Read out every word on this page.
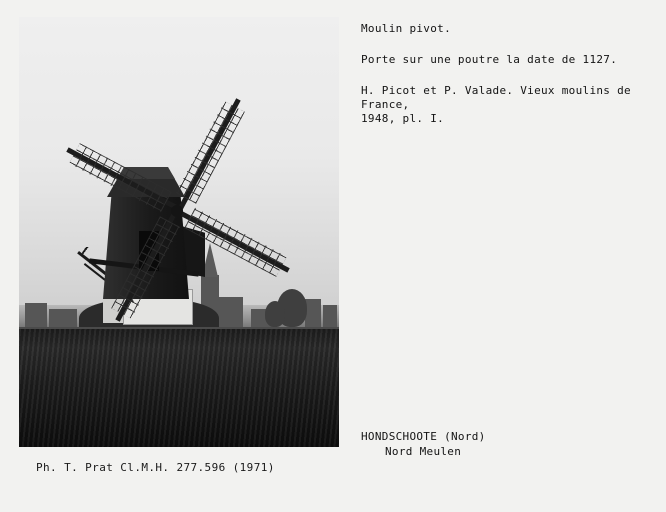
Ph. T. Prat Cl.M.H. 277.596 (1971)
Moulin pivot.
Porte sur une poutre la date de 1127.
H. Picot et P. Valade. Vieux moulins de France,
1948, pl. I.
HONDSCHOOTE (Nord)
Nord Meulen
